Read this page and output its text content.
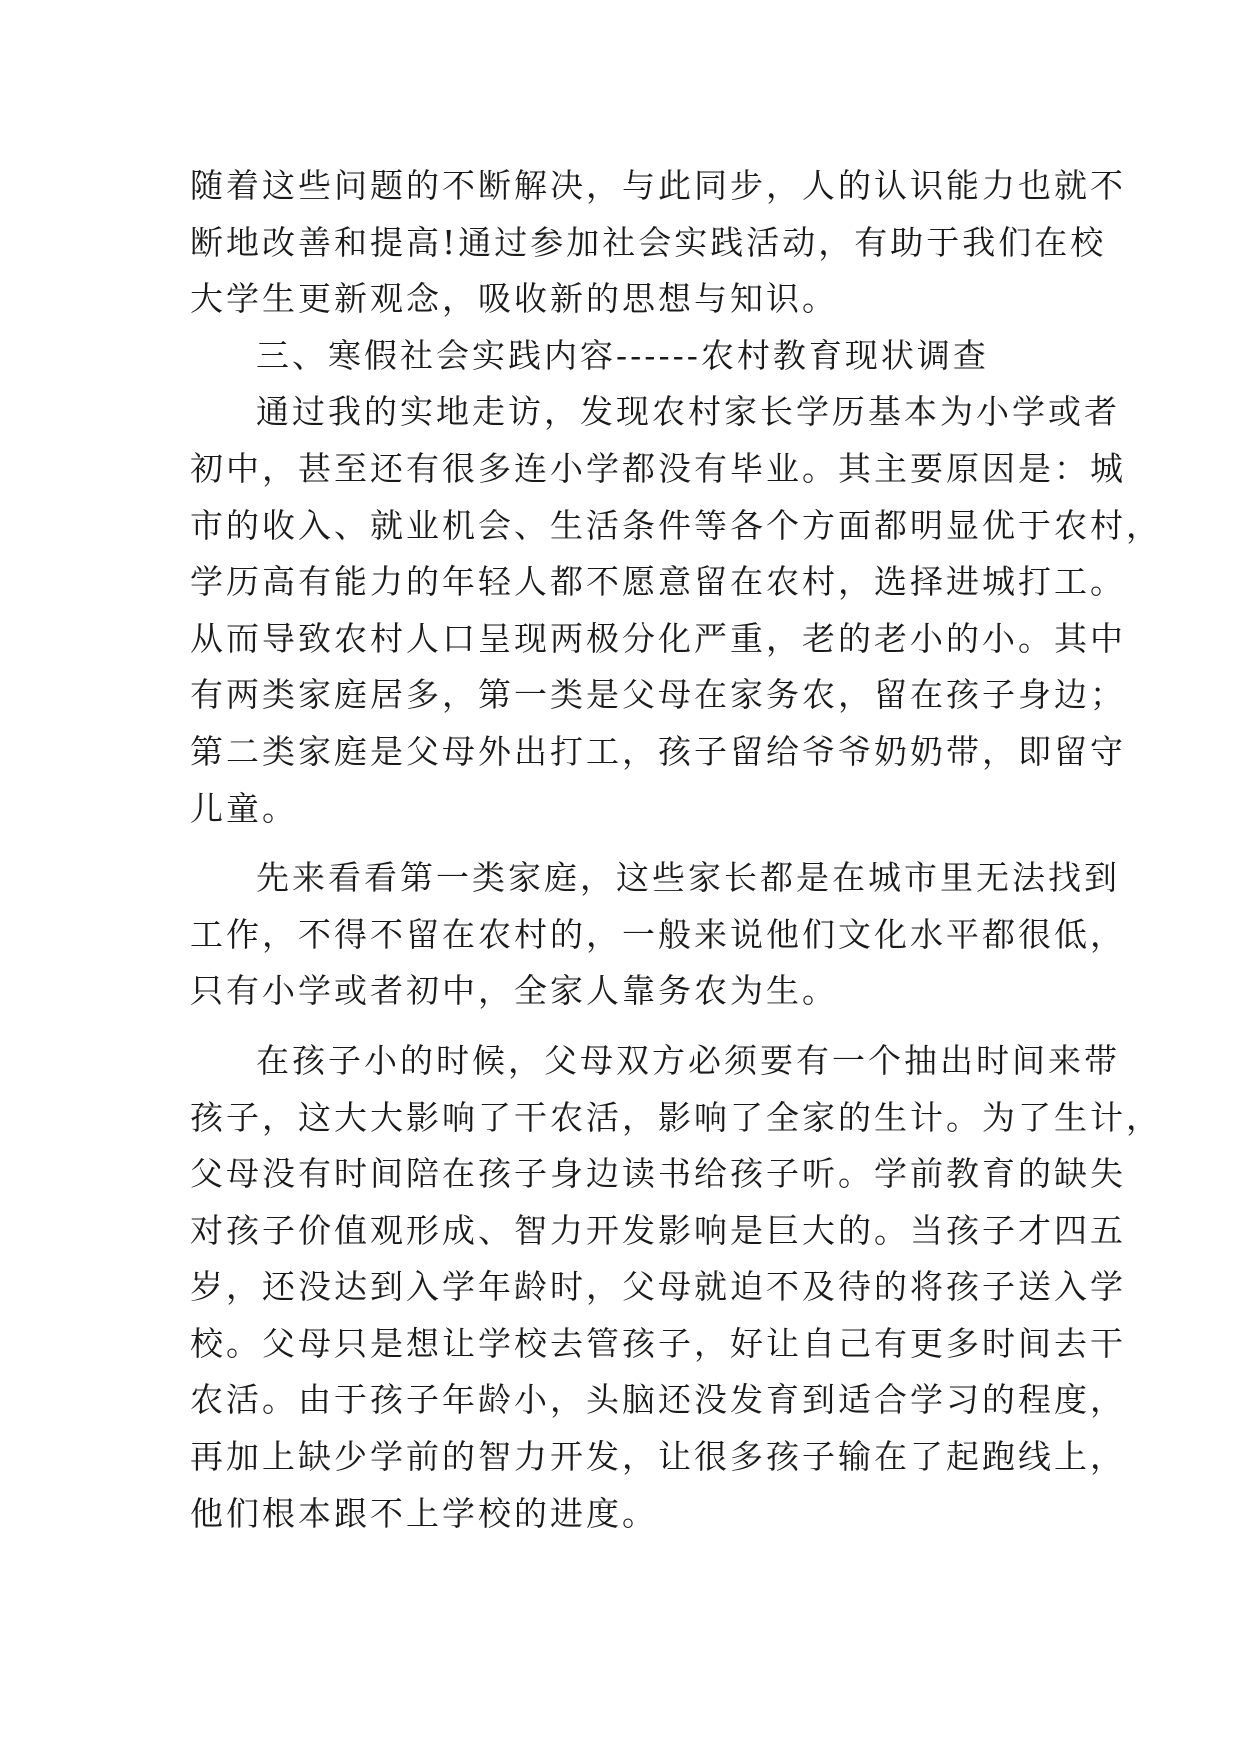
随着这些问题的不断解决，与此同步，人的认识能力也就不
断地改善和提高!通过参加社会实践活动，有助于我们在校
大学生更新观念，吸收新的思想与知识。
三、寒假社会实践内容------农村教育现状调查
通过我的实地走访，发现农村家长学历基本为小学或者
初中，甚至还有很多连小学都没有毕业。其主要原因是：城
市的收入、就业机会、生活条件等各个方面都明显优于农村，
学历高有能力的年轻人都不愿意留在农村，选择进城打工。
从而导致农村人口呈现两极分化严重，老的老小的小。其中
有两类家庭居多，第一类是父母在家务农，留在孩子身边；
第二类家庭是父母外出打工，孩子留给爷爷奶奶带，即留守
儿童。
先来看看第一类家庭，这些家长都是在城市里无法找到
工作，不得不留在农村的，一般来说他们文化水平都很低，
只有小学或者初中，全家人靠务农为生。
在孩子小的时候，父母双方必须要有一个抽出时间来带
孩子，这大大影响了干农活，影响了全家的生计。为了生计，
父母没有时间陪在孩子身边读书给孩子听。学前教育的缺失
对孩子价值观形成、智力开发影响是巨大的。当孩子才四五
岁，还没达到入学年龄时，父母就迫不及待的将孩子送入学
校。父母只是想让学校去管孩子，好让自己有更多时间去干
农活。由于孩子年龄小，头脑还没发育到适合学习的程度，
再加上缺少学前的智力开发，让很多孩子输在了起跑线上，
他们根本跟不上学校的进度。
